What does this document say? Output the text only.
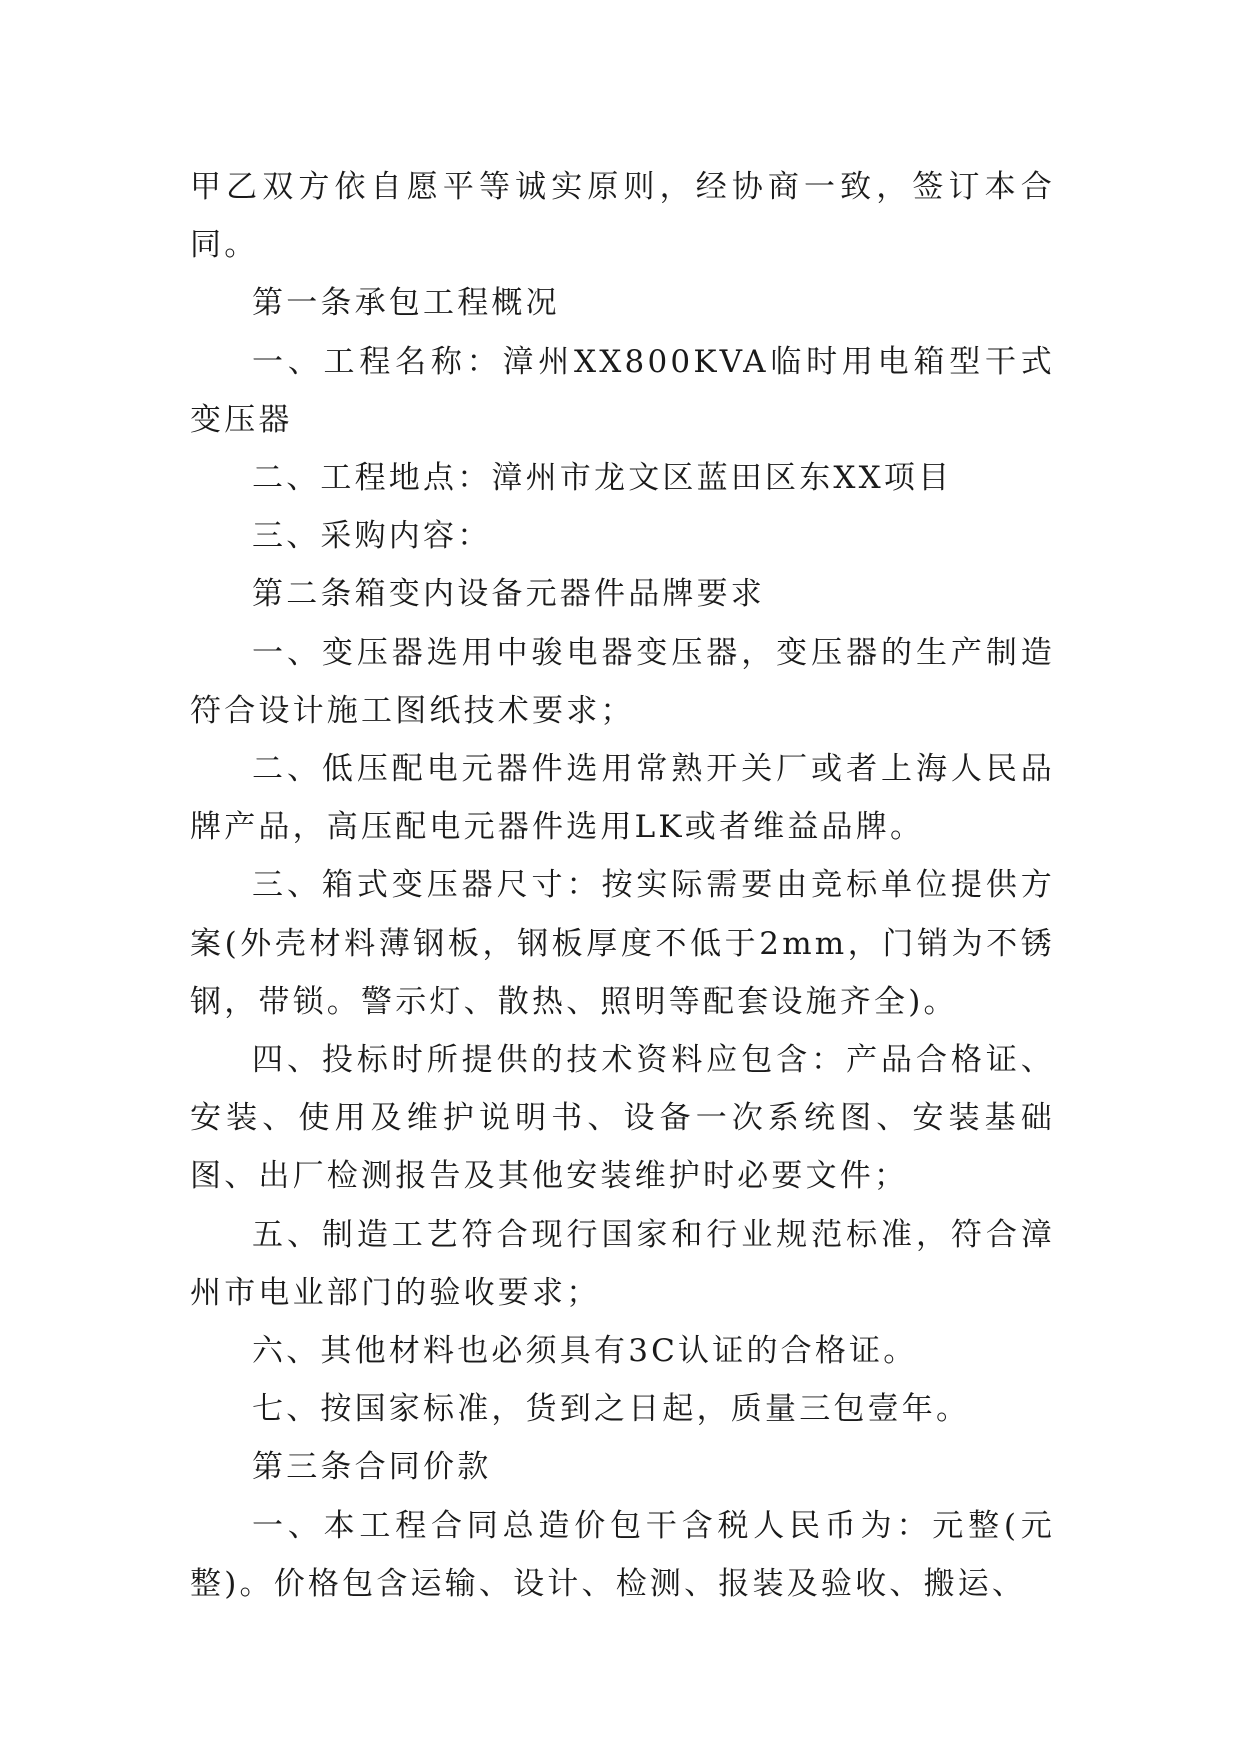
甲乙双方依自愿平等诚实原则，经协商一致，签订本合同。

第一条承包工程概况

一、工程名称：漳州XX800KVA临时用电箱型干式变压器

二、工程地点：漳州市龙文区蓝田区东XX项目

三、采购内容：

第二条箱变内设备元器件品牌要求

一、变压器选用中骏电器变压器，变压器的生产制造符合设计施工图纸技术要求；

二、低压配电元器件选用常熟开关厂或者上海人民品牌产品，高压配电元器件选用LK或者维益品牌。

三、箱式变压器尺寸：按实际需要由竞标单位提供方案(外壳材料薄钢板，钢板厚度不低于2mm，门销为不锈钢，带锁。警示灯、散热、照明等配套设施齐全)。

四、投标时所提供的技术资料应包含：产品合格证、安装、使用及维护说明书、设备一次系统图、安装基础图、出厂检测报告及其他安装维护时必要文件；

五、制造工艺符合现行国家和行业规范标准，符合漳州市电业部门的验收要求；

六、其他材料也必须具有3C认证的合格证。

七、按国家标准，货到之日起，质量三包壹年。

第三条合同价款

一、本工程合同总造价包干含税人民币为：元整(元整)。价格包含运输、设计、检测、报装及验收、搬运、
